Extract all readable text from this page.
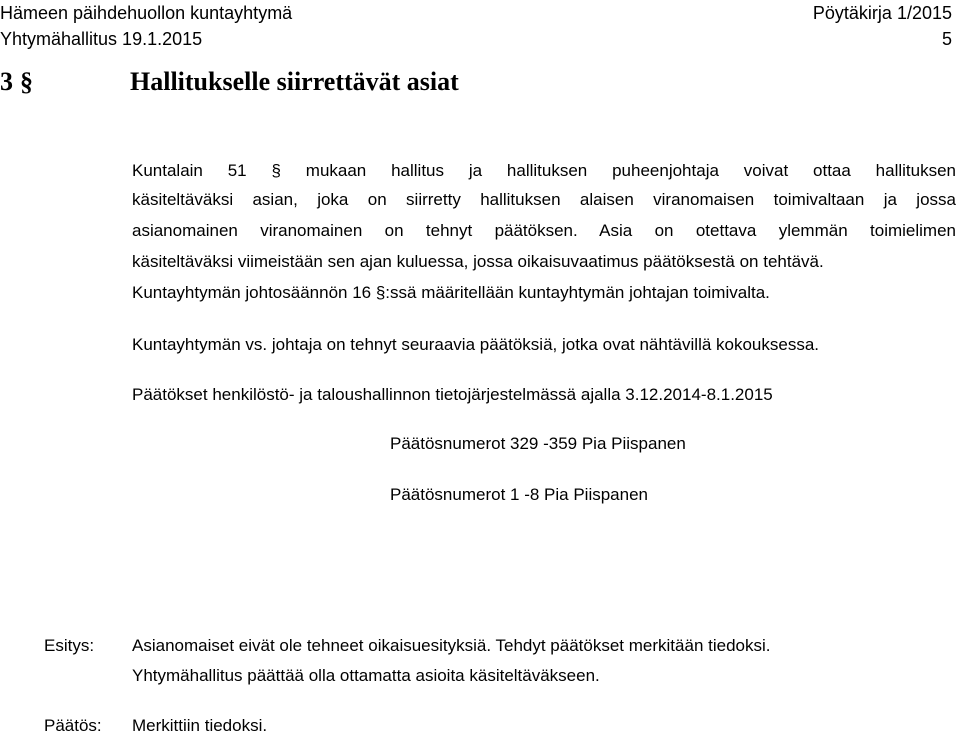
Hämeen päihdehuollon kuntayhtymä	Pöytäkirja 1/2015
Yhtymähallitus 19.1.2015	5
3 §	Hallitukselle siirrettävät asiat
Kuntalain 51 § mukaan hallitus ja hallituksen puheenjohtaja voivat ottaa hallituksen
käsiteltäväksi asian, joka on siirretty hallituksen alaisen viranomaisen toimivaltaan ja jossa
asianomainen viranomainen on tehnyt päätöksen. Asia on otettava ylemmän toimielimen
käsiteltäväksi viimeistään sen ajan kuluessa, jossa oikaisuvaatimus päätöksestä on tehtävä.
Kuntayhtymän johtosäännön 16 §:ssä määritellään kuntayhtymän johtajan toimivalta.
Kuntayhtymän vs. johtaja on tehnyt seuraavia päätöksiä, jotka ovat nähtävillä kokouksessa.
Päätökset henkilöstö- ja taloushallinnon tietojärjestelmässä ajalla 3.12.2014-8.1.2015
Päätösnumerot 329 -359 Pia Piispanen
Päätösnumerot 1 -8 Pia Piispanen
Esitys: Asianomaiset eivät ole tehneet oikaisuesityksiä. Tehdyt päätökset merkitään tiedoksi.
Yhtymähallitus päättää olla ottamatta asioita käsiteltäväkseen.
Päätös: Merkittiin tiedoksi.
